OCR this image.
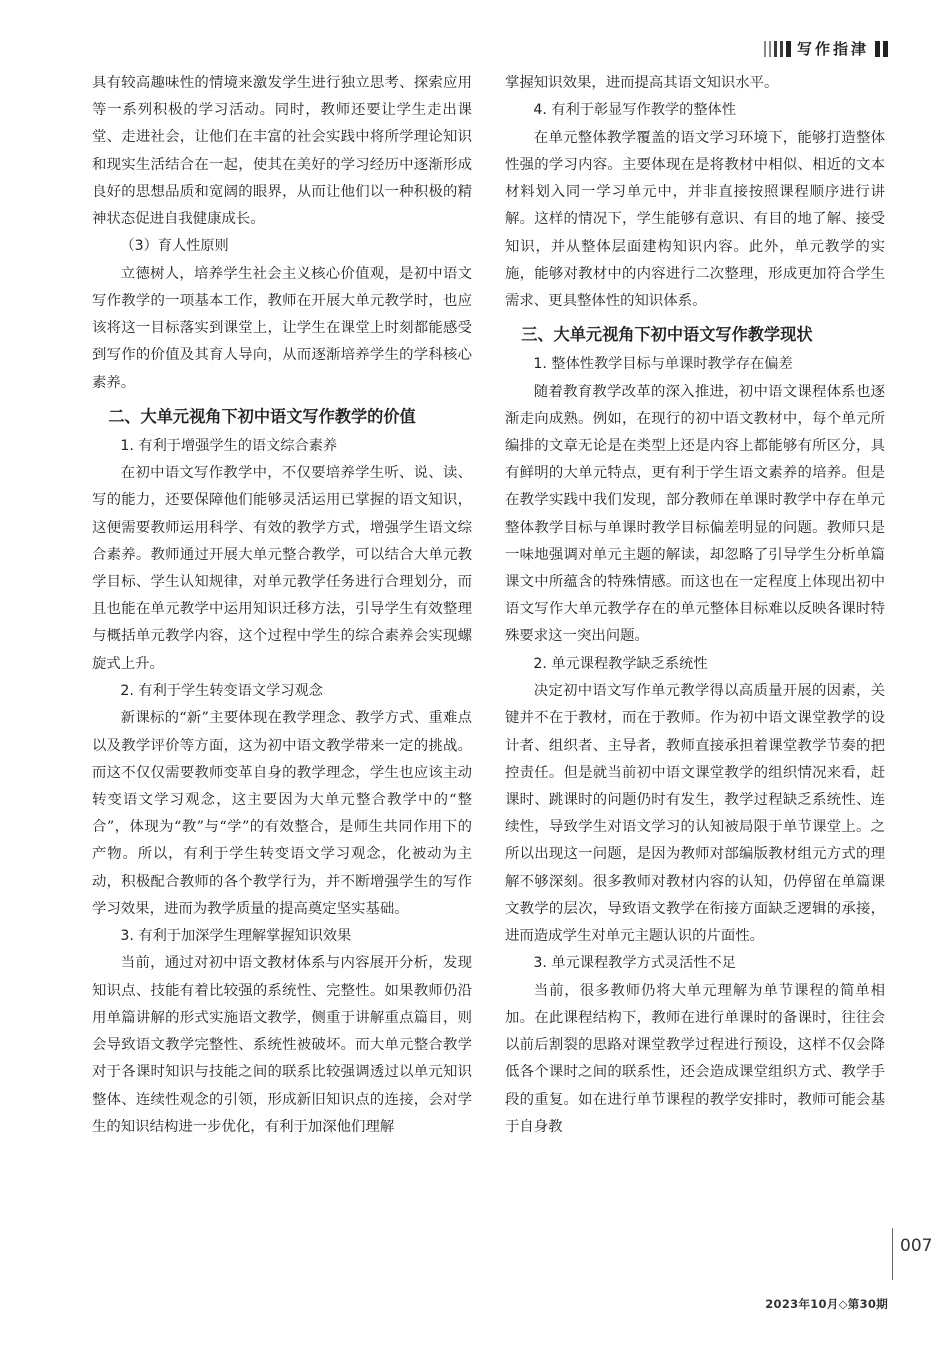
写作指津

具有较高趣味性的情境来激发学生进行独立思考、探索应用等一系列积极的学习活动。同时，教师还要让学生走出课堂、走进社会，让他们在丰富的社会实践中将所学理论知识和现实生活结合在一起，使其在美好的学习经历中逐渐形成良好的思想品质和宽阔的眼界，从而让他们以一种积极的精神状态促进自我健康成长。

（3）育人性原则

立德树人，培养学生社会主义核心价值观，是初中语文写作教学的一项基本工作，教师在开展大单元教学时，也应该将这一目标落实到课堂上，让学生在课堂上时刻都能感受到写作的价值及其育人导向，从而逐渐培养学生的学科核心素养。

二、大单元视角下初中语文写作教学的价值
1. 有利于增强学生的语文综合素养

在初中语文写作教学中，不仅要培养学生听、说、读、写的能力，还要保障他们能够灵活运用已掌握的语文知识，这便需要教师运用科学、有效的教学方式，增强学生语文综合素养。教师通过开展大单元整合教学，可以结合大单元教学目标、学生认知规律，对单元教学任务进行合理划分，而且也能在单元教学中运用知识迁移方法，引导学生有效整理与概括单元教学内容，这个过程中学生的综合素养会实现螺旋式上升。

2. 有利于学生转变语文学习观念

新课标的“新”主要体现在教学理念、教学方式、重难点以及教学评价等方面，这为初中语文教学带来一定的挑战。而这不仅仅需要教师变革自身的教学理念，学生也应该主动转变语文学习观念，这主要因为大单元整合教学中的“整合”，体现为“教”与“学”的有效整合，是师生共同作用下的产物。所以，有利于学生转变语文学习观念，化被动为主动，积极配合教师的各个教学行为，并不断增强学生的写作学习效果，进而为教学质量的提高奠定坚实基础。

3. 有利于加深学生理解掌握知识效果

当前，通过对初中语文教材体系与内容展开分析，发现知识点、技能有着比较强的系统性、完整性。如果教师仍沿用单篇讲解的形式实施语文教学，侧重于讲解重点篇目，则会导致语文教学完整性、系统性被破坏。而大单元整合教学对于各课时知识与技能之间的联系比较强调透过以单元知识整体、连续性观念的引领，形成新旧知识点的连接，会对学生的知识结构进一步优化，有利于加深他们理解

掌握知识效果，进而提高其语文知识水平。

4. 有利于彰显写作教学的整体性

在单元整体教学覆盖的语文学习环境下，能够打造整体性强的学习内容。主要体现在是将教材中相似、相近的文本材料划入同一学习单元中，并非直接按照课程顺序进行讲解。这样的情况下，学生能够有意识、有目的地了解、接受知识，并从整体层面建构知识内容。此外，单元教学的实施，能够对教材中的内容进行二次整理，形成更加符合学生需求、更具整体性的知识体系。

三、大单元视角下初中语文写作教学现状
1. 整体性教学目标与单课时教学存在偏差

随着教育教学改革的深入推进，初中语文课程体系也逐渐走向成熟。例如，在现行的初中语文教材中，每个单元所编排的文章无论是在类型上还是内容上都能够有所区分，具有鲜明的大单元特点，更有利于学生语文素养的培养。但是在教学实践中我们发现，部分教师在单课时教学中存在单元整体教学目标与单课时教学目标偏差明显的问题。教师只是一味地强调对单元主题的解读，却忽略了引导学生分析单篇课文中所蕴含的特殊情感。而这也在一定程度上体现出初中语文写作大单元教学存在的单元整体目标难以反映各课时特殊要求这一突出问题。

2. 单元课程教学缺乏系统性

决定初中语文写作单元教学得以高质量开展的因素，关键并不在于教材，而在于教师。作为初中语文课堂教学的设计者、组织者、主导者，教师直接承担着课堂教学节奏的把控责任。但是就当前初中语文课堂教学的组织情况来看，赶课时、跳课时的问题仍时有发生，教学过程缺乏系统性、连续性，导致学生对语文学习的认知被局限于单节课堂上。之所以出现这一问题，是因为教师对部编版教材组元方式的理解不够深刻。很多教师对教材内容的认知，仍停留在单篇课文教学的层次，导致语文教学在衔接方面缺乏逻辑的承接，进而造成学生对单元主题认识的片面性。

3. 单元课程教学方式灵活性不足

当前，很多教师仍将大单元理解为单节课程的简单相加。在此课程结构下，教师在进行单课时的备课时，往往会以前后割裂的思路对课堂教学过程进行预设，这样不仅会降低各个课时之间的联系性，还会造成课堂组织方式、教学手段的重复。如在进行单节课程的教学安排时，教师可能会基于自身教

007
2023年10月◇第30期
